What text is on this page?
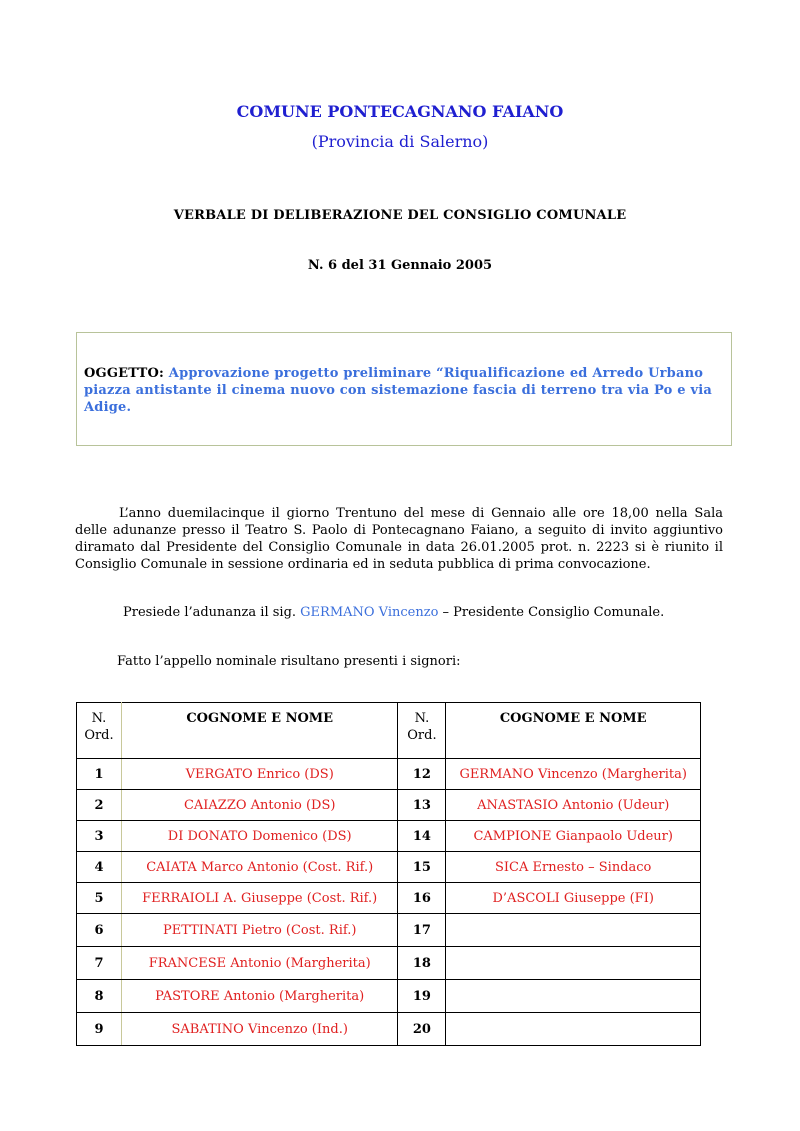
COMUNE PONTECAGNANO FAIANO
(Provincia di Salerno)
VERBALE DI DELIBERAZIONE DEL CONSIGLIO COMUNALE
N. 6 del 31 Gennaio 2005
OGGETTO: Approvazione progetto preliminare “Riqualificazione ed Arredo Urbano piazza antistante il cinema nuovo con sistemazione fascia di terreno tra via Po e via Adige.
L’anno duemilacinque il giorno Trentuno del mese di Gennaio alle ore 18,00 nella Sala delle adunanze presso il Teatro S. Paolo di Pontecagnano Faiano, a seguito di invito aggiuntivo diramato dal Presidente del Consiglio Comunale in data 26.01.2005 prot. n. 2223 si è riunito il Consiglio Comunale in sessione ordinaria ed in seduta pubblica di prima convocazione.
Presiede l’adunanza il sig. GERMANO Vincenzo – Presidente Consiglio Comunale.
Fatto l’appello nominale risultano presenti i signori:
N.
Ord.	COGNOME E NOME	N.
Ord.	COGNOME E NOME
1	VERGATO Enrico (DS)	12	GERMANO Vincenzo (Margherita)
2	CAIAZZO Antonio (DS)	13	ANASTASIO Antonio (Udeur)
3	DI DONATO Domenico (DS)	14	CAMPIONE Gianpaolo Udeur)
4	CAIATA Marco Antonio (Cost. Rif.)	15	SICA Ernesto – Sindaco
5	FERRAIOLI A. Giuseppe (Cost. Rif.)	16	D’ASCOLI Giuseppe (FI)
6	PETTINATI Pietro (Cost. Rif.)	17	
7	FRANCESE Antonio (Margherita)	18	
8	PASTORE Antonio (Margherita)	19	
9	SABATINO Vincenzo (Ind.)	20	
